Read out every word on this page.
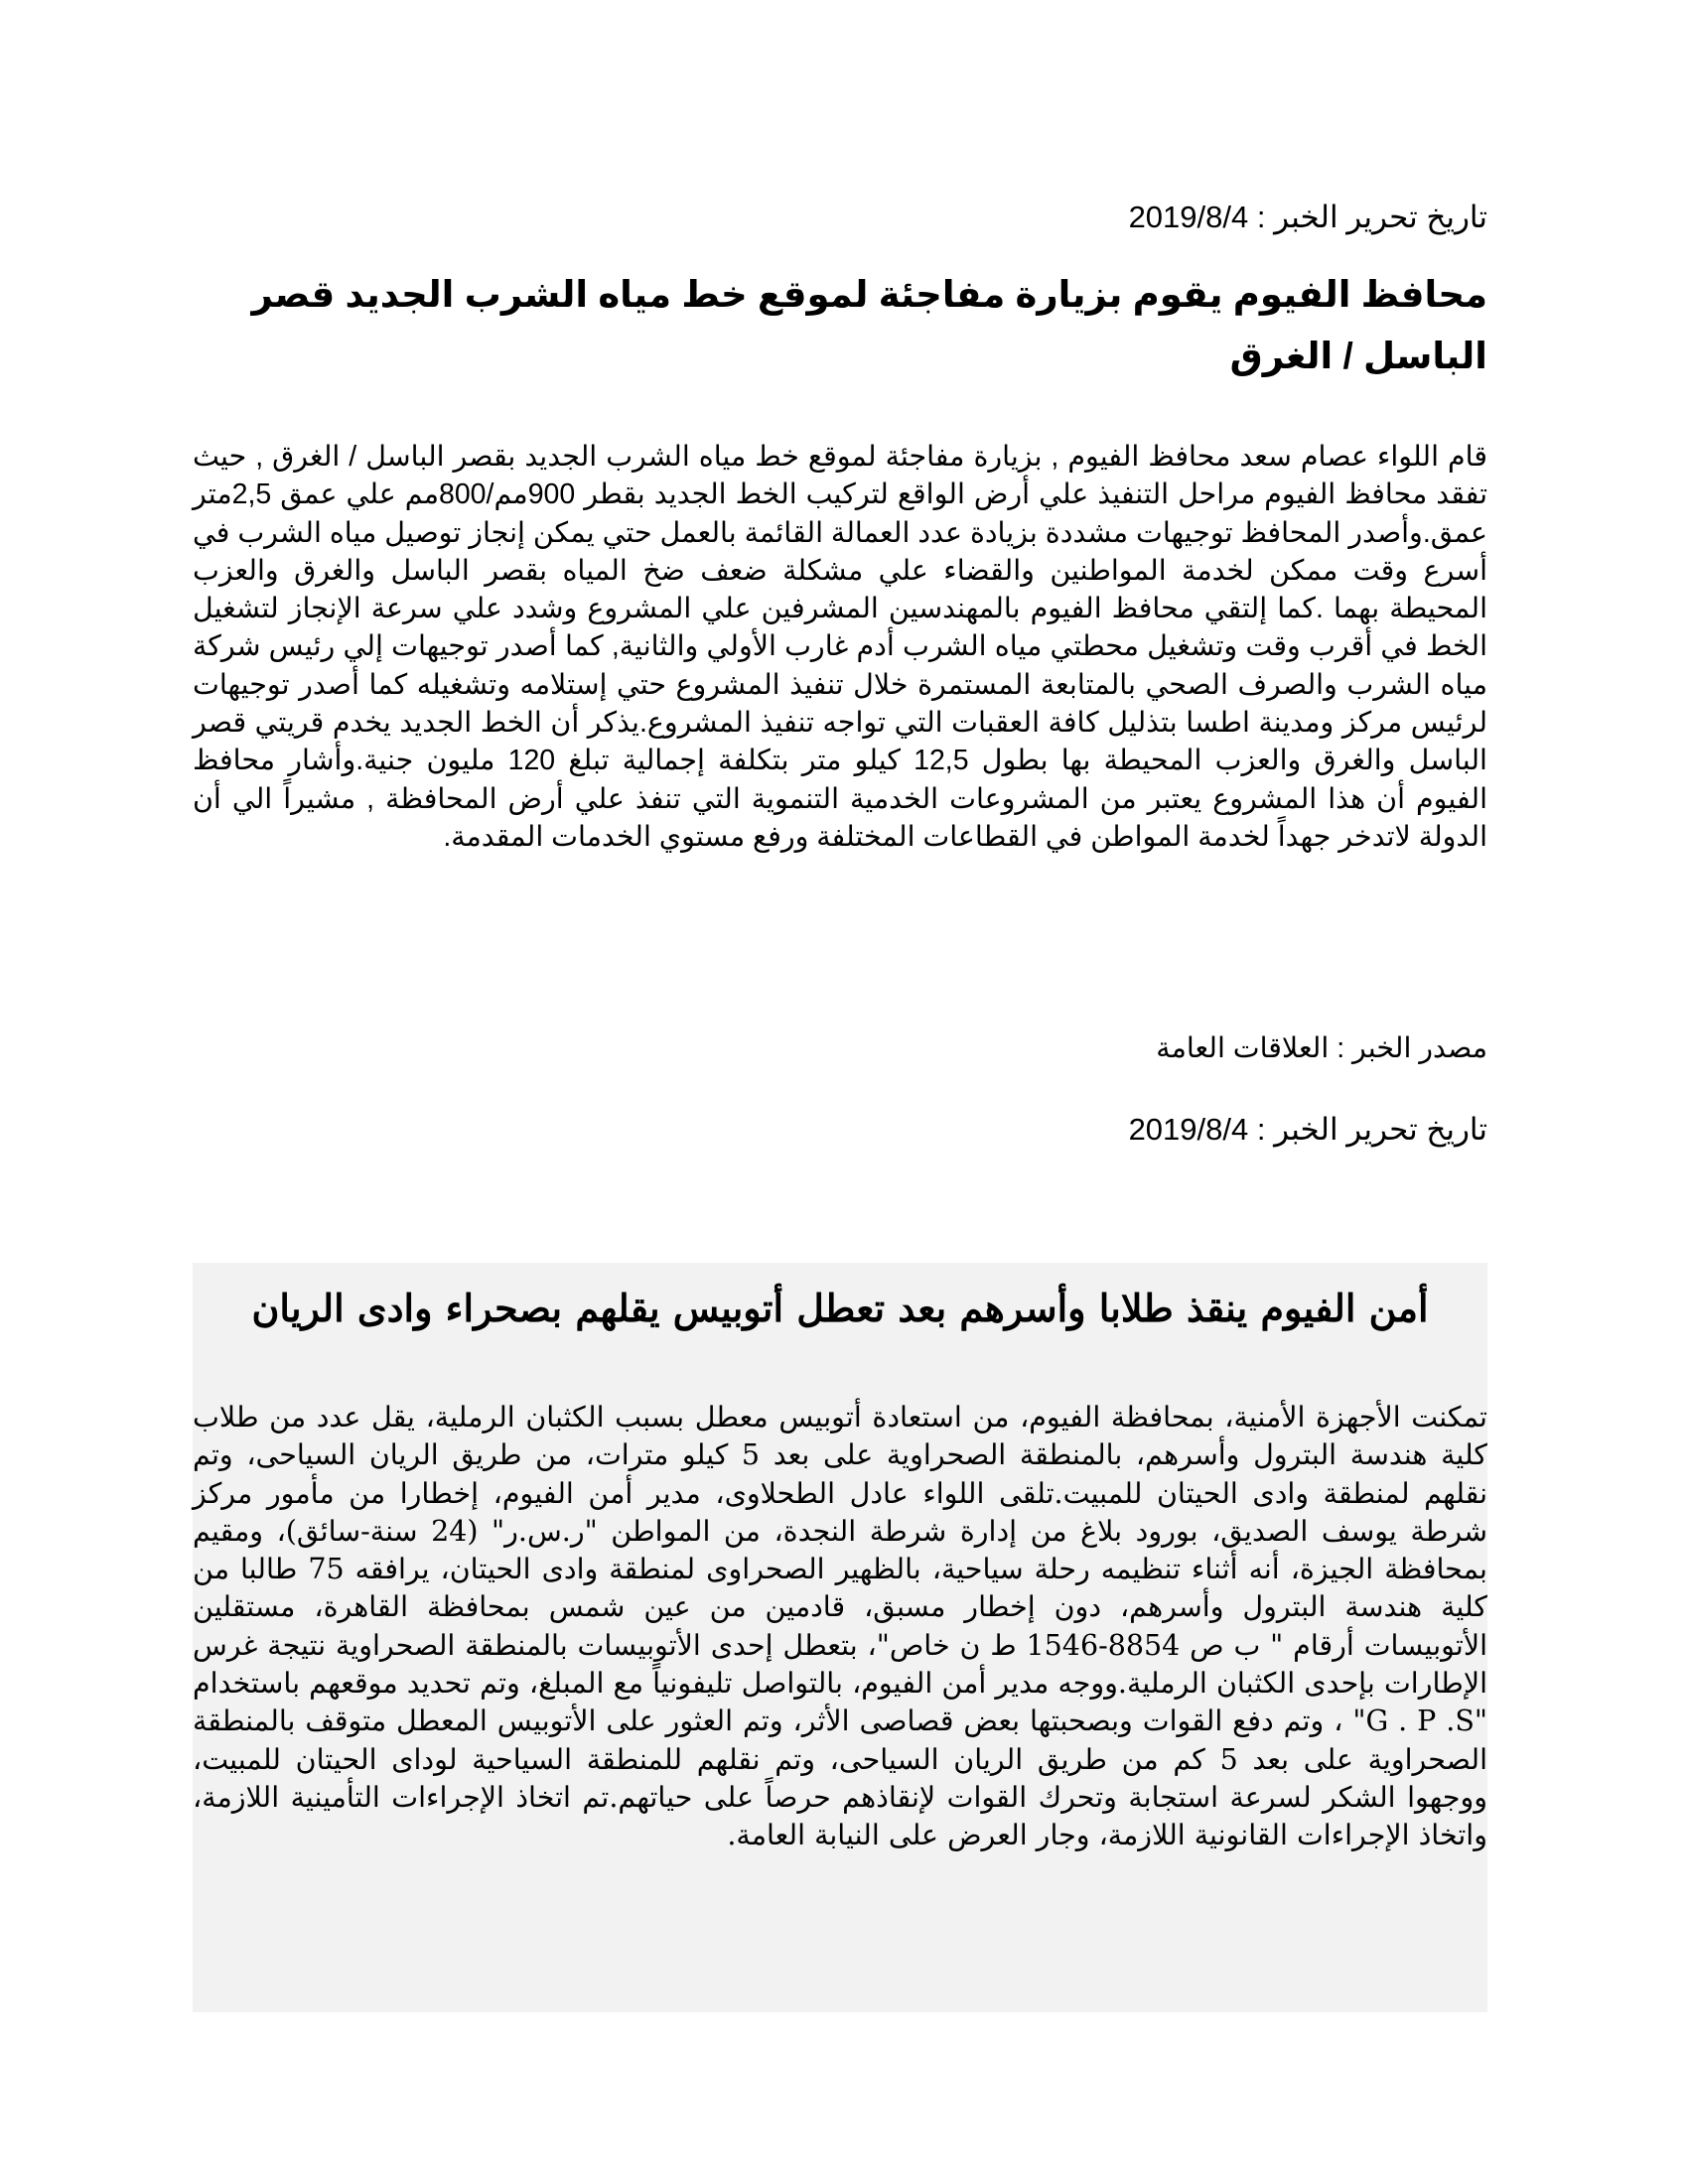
تاريخ تحرير الخبر : 2019/8/4
محافظ الفيوم يقوم بزيارة مفاجئة لموقع خط مياه الشرب الجديد قصر الباسل / الغرق

قام اللواء عصام سعد محافظ الفيوم , بزيارة مفاجئة لموقع خط مياه الشرب الجديد بقصر الباسل / الغرق , حيث تفقد محافظ الفيوم مراحل التنفيذ علي أرض الواقع لتركيب الخط الجديد بقطر 900مم/800مم علي عمق 2,5متر عمق.وأصدر المحافظ توجيهات مشددة بزيادة عدد العمالة القائمة بالعمل حتي يمكن إنجاز توصيل مياه الشرب في أسرع وقت ممكن لخدمة المواطنين والقضاء علي مشكلة ضعف ضخ المياه بقصر الباسل والغرق والعزب المحيطة بهما .كما إلتقي محافظ الفيوم بالمهندسين المشرفين علي المشروع وشدد علي سرعة الإنجاز لتشغيل الخط في أقرب وقت وتشغيل محطتي مياه الشرب أدم غارب الأولي والثانية, كما أصدر توجيهات إلي رئيس شركة مياه الشرب والصرف الصحي بالمتابعة المستمرة خلال تنفيذ المشروع حتي إستلامه وتشغيله كما أصدر توجيهات لرئيس مركز ومدينة اطسا بتذليل كافة العقبات التي تواجه تنفيذ المشروع.يذكر أن الخط الجديد يخدم قريتي قصر الباسل والغرق والعزب المحيطة بها بطول 12,5 كيلو متر بتكلفة إجمالية تبلغ 120 مليون جنية.وأشار محافظ الفيوم أن هذا المشروع يعتبر من المشروعات الخدمية التنموية التي تنفذ علي أرض المحافظة , مشيراً الي أن الدولة لاتدخر جهداً لخدمة المواطن في القطاعات المختلفة ورفع مستوي الخدمات المقدمة.

مصدر الخبر : العلاقات العامة
تاريخ تحرير الخبر : 2019/8/4
أمن الفيوم ينقذ طلابا وأسرهم بعد تعطل أتوبيس يقلهم بصحراء وادى الريان

تمكنت الأجهزة الأمنية، بمحافظة الفيوم، من استعادة أتوبيس معطل بسبب الكثبان الرملية، يقل عدد من طلاب كلية هندسة البترول وأسرهم، بالمنطقة الصحراوية على بعد 5 كيلو مترات، من طريق الريان السياحى، وتم نقلهم لمنطقة وادى الحيتان للمبيت.تلقى اللواء عادل الطحلاوى، مدير أمن الفيوم، إخطارا من مأمور مركز شرطة يوسف الصديق، بورود بلاغ من إدارة شرطة النجدة، من المواطن "ر.س.ر" (24 سنة-سائق)، ومقيم بمحافظة الجيزة، أنه أثناء تنظيمه رحلة سياحية، بالظهير الصحراوى لمنطقة وادى الحيتان، يرافقه 75 طالبا من كلية هندسة البترول وأسرهم، دون إخطار مسبق، قادمين من عين شمس بمحافظة القاهرة، مستقلين الأتوبيسات أرقام " ب ص 8854-1546 ط ن خاص"، بتعطل إحدى الأتوبيسات بالمنطقة الصحراوية نتيجة غرس الإطارات بإحدى الكثبان الرملية.ووجه مدير أمن الفيوم، بالتواصل تليفونياً مع المبلغ، وتم تحديد موقعهم باستخدام "G . P .S" ، وتم دفع القوات وبصحبتها بعض قصاصى الأثر، وتم العثور على الأتوبيس المعطل متوقف بالمنطقة الصحراوية على بعد 5 كم من طريق الريان السياحى، وتم نقلهم للمنطقة السياحية لوداى الحيتان للمبيت، ووجهوا الشكر لسرعة استجابة وتحرك القوات لإنقاذهم حرصاً على حياتهم.تم اتخاذ الإجراءات التأمينية اللازمة، واتخاذ الإجراءات القانونية اللازمة، وجار العرض على النيابة العامة.
